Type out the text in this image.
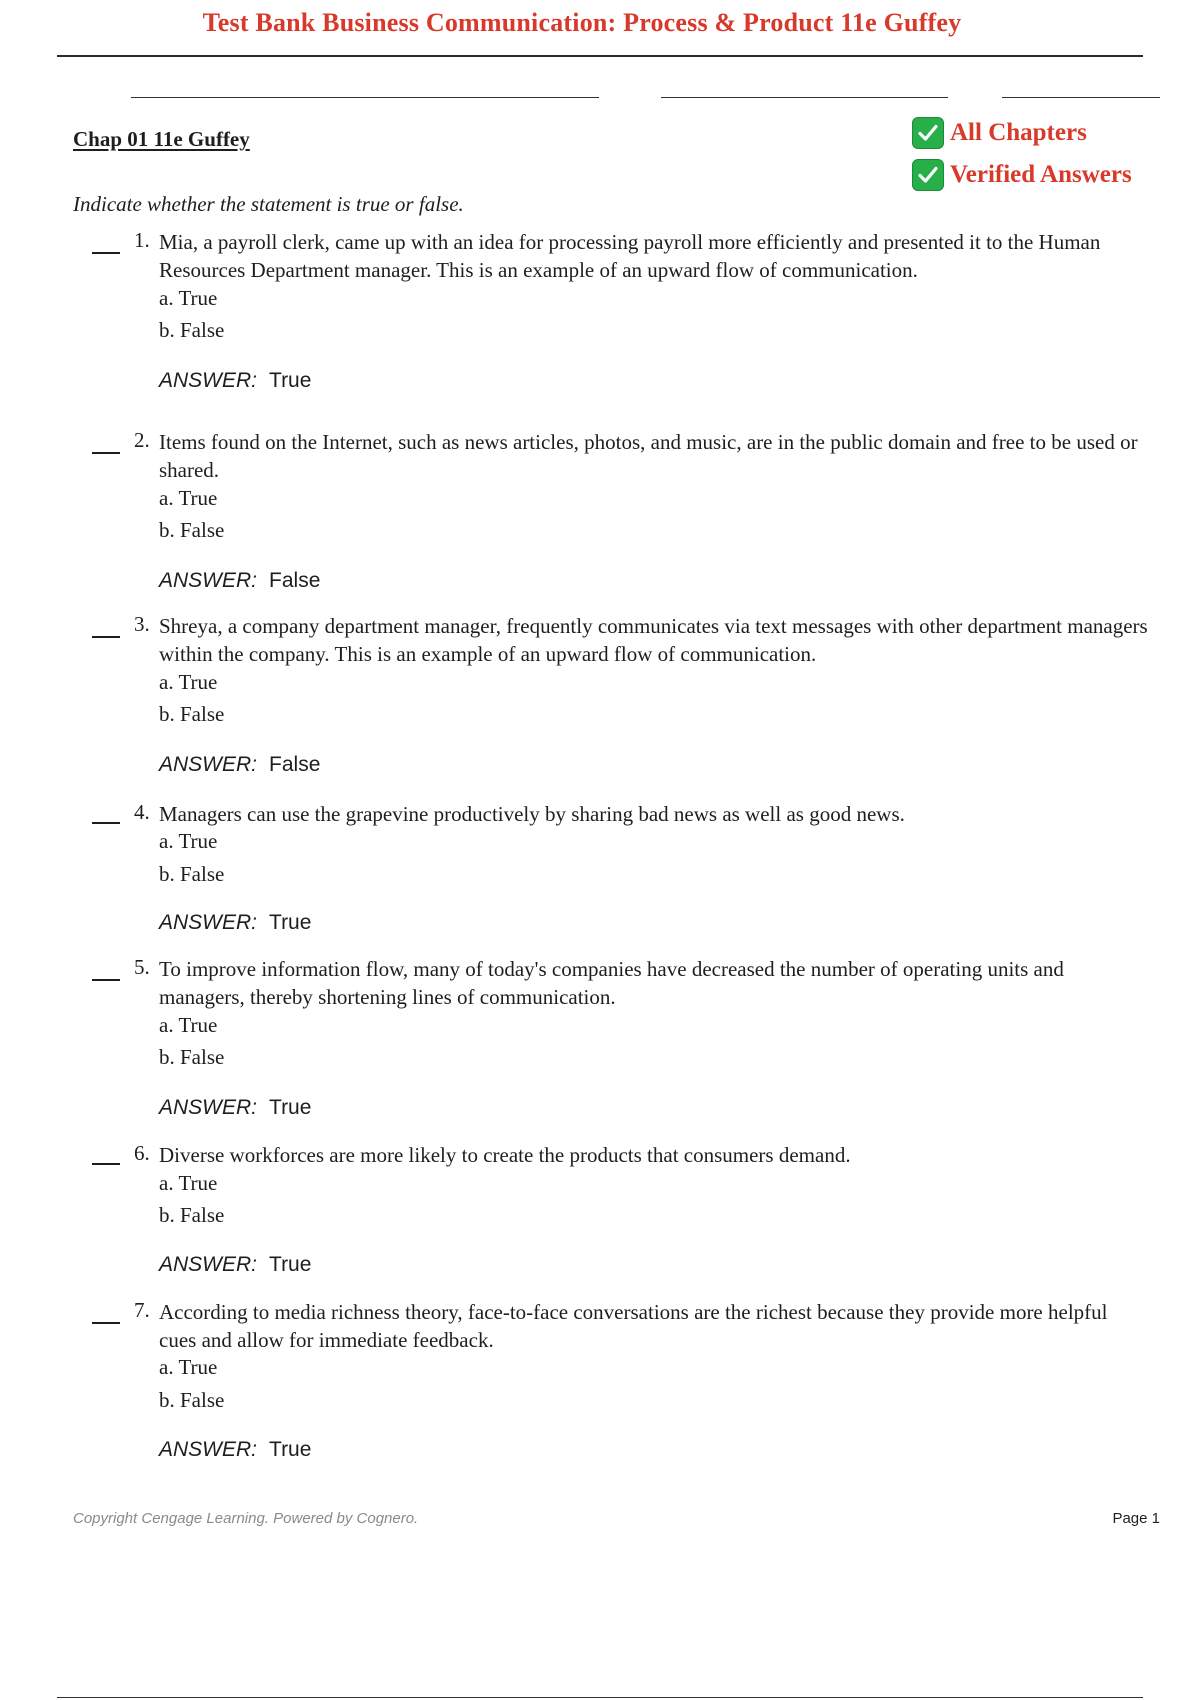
Test Bank Business Communication: Process & Product 11e Guffey
Chap 01 11e Guffey	All Chapters
Verified Answers
Indicate whether the statement is true or false.
1. Mia, a payroll clerk, came up with an idea for processing payroll more efficiently and presented it to the Human Resources Department manager. This is an example of an upward flow of communication.
a. True
b. False
ANSWER: True
2. Items found on the Internet, such as news articles, photos, and music, are in the public domain and free to be used or shared.
a. True
b. False
ANSWER: False
3. Shreya, a company department manager, frequently communicates via text messages with other department managers within the company. This is an example of an upward flow of communication.
a. True
b. False
ANSWER: False
4. Managers can use the grapevine productively by sharing bad news as well as good news.
a. True
b. False
ANSWER: True
5. To improve information flow, many of today's companies have decreased the number of operating units and managers, thereby shortening lines of communication.
a. True
b. False
ANSWER: True
6. Diverse workforces are more likely to create the products that consumers demand.
a. True
b. False
ANSWER: True
7. According to media richness theory, face-to-face conversations are the richest because they provide more helpful cues and allow for immediate feedback.
a. True
b. False
ANSWER: True
Copyright Cengage Learning. Powered by Cognero.	Page 1
